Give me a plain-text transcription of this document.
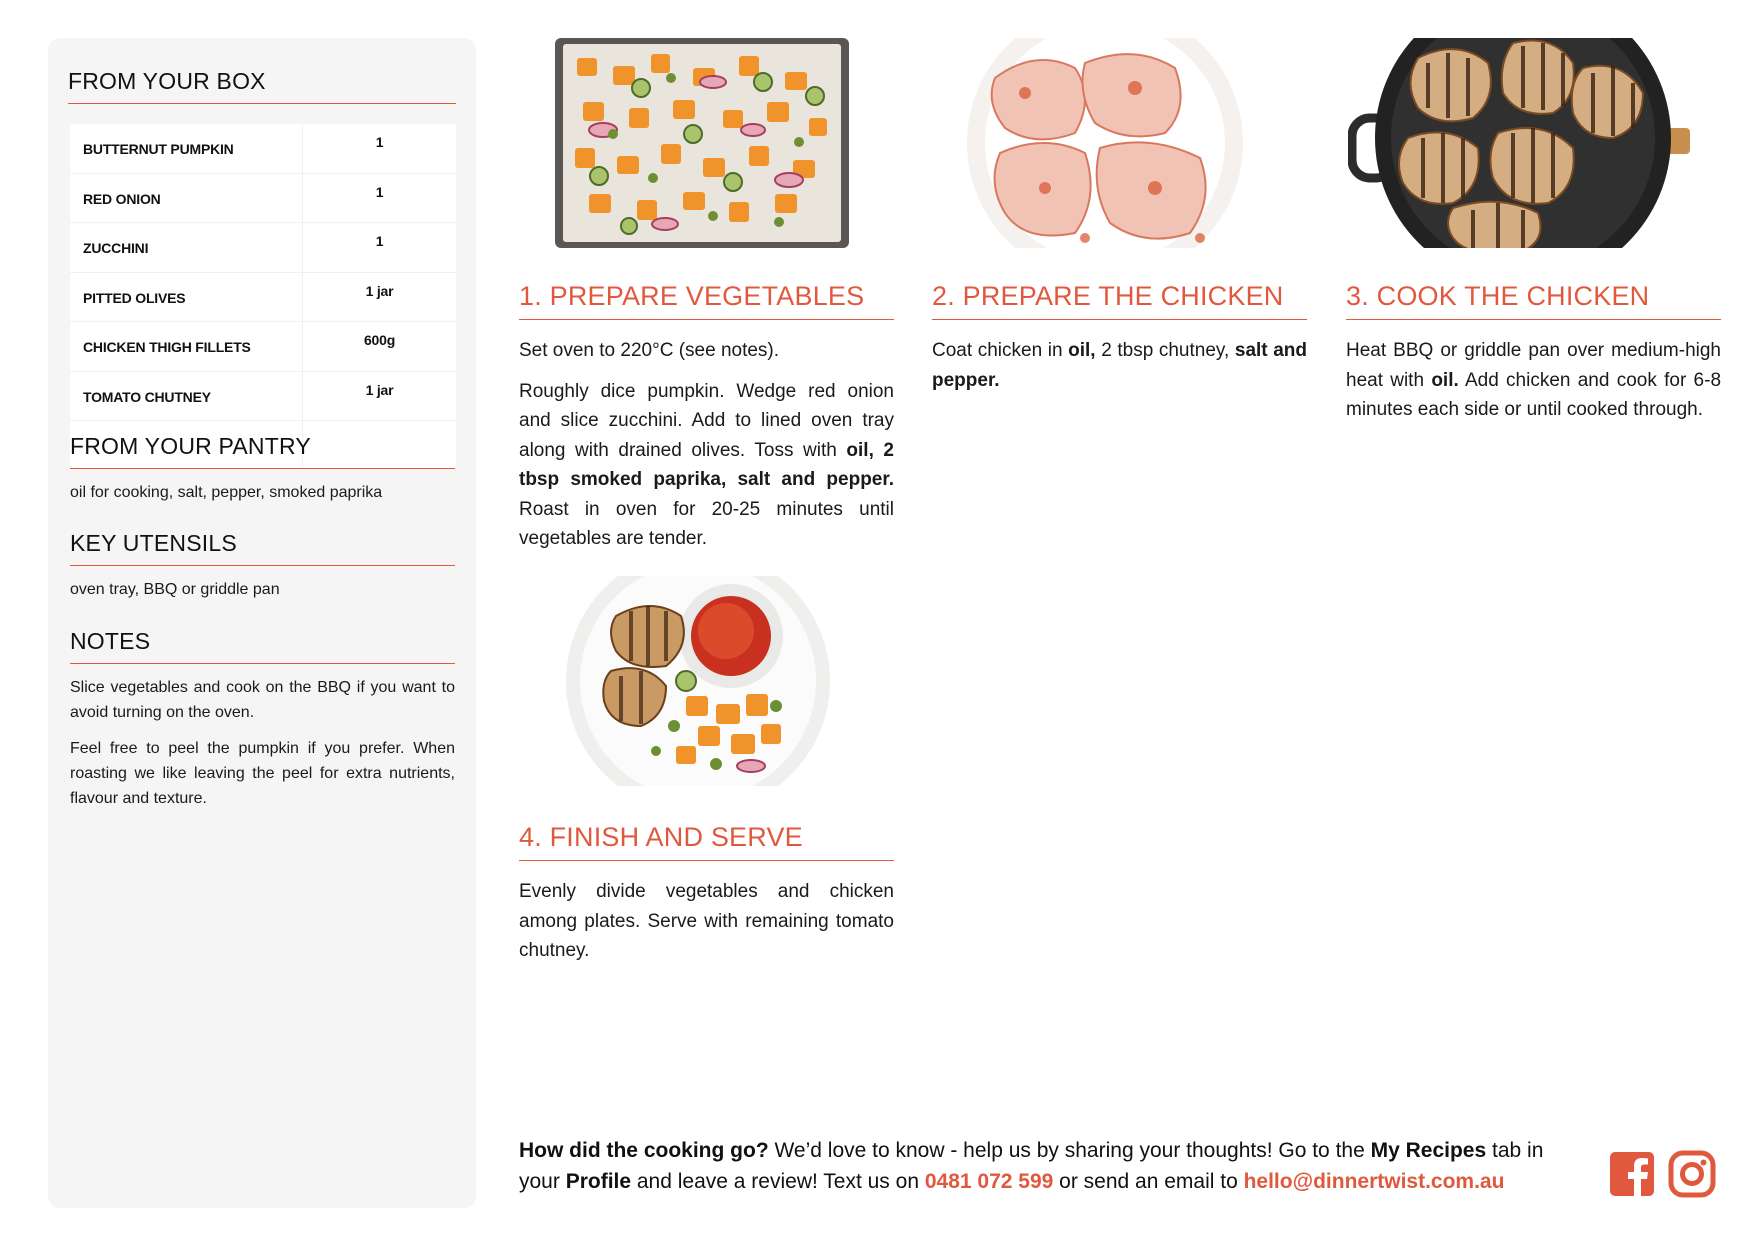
FROM YOUR BOX
BUTTERNUT PUMPKIN	1
RED ONION	1
ZUCCHINI	1
PITTED OLIVES	1 jar
CHICKEN THIGH FILLETS	600g
TOMATO CHUTNEY	1 jar

FROM YOUR PANTRY

oil for cooking, salt, pepper, smoked paprika

KEY UTENSILS

oven tray, BBQ or griddle pan

NOTES

Slice vegetables and cook on the BBQ if you want to avoid turning on the oven.

Feel free to peel the pumpkin if you prefer. When roasting we like leaving the peel for extra nutrients, flavour and texture.

1. PREPARE VEGETABLES

Set oven to 220°C (see notes).

Roughly dice pumpkin. Wedge red onion and slice zucchini. Add to lined oven tray along with drained olives. Toss with oil, 2 tbsp smoked paprika, salt and pepper. Roast in oven for 20-25 minutes until vegetables are tender.

2. PREPARE THE CHICKEN

Coat chicken in oil, 2 tbsp chutney, salt and pepper.

3. COOK THE CHICKEN

Heat BBQ or griddle pan over medium-high heat with oil. Add chicken and cook for 6-8 minutes each side or until cooked through.

4. FINISH AND SERVE

Evenly divide vegetables and chicken among plates. Serve with remaining tomato chutney.

How did the cooking go? We’d love to know - help us by sharing your thoughts! Go to the My Recipes tab in your Profile and leave a review! Text us on 0481 072 599 or send an email to hello@dinnertwist.com.au
